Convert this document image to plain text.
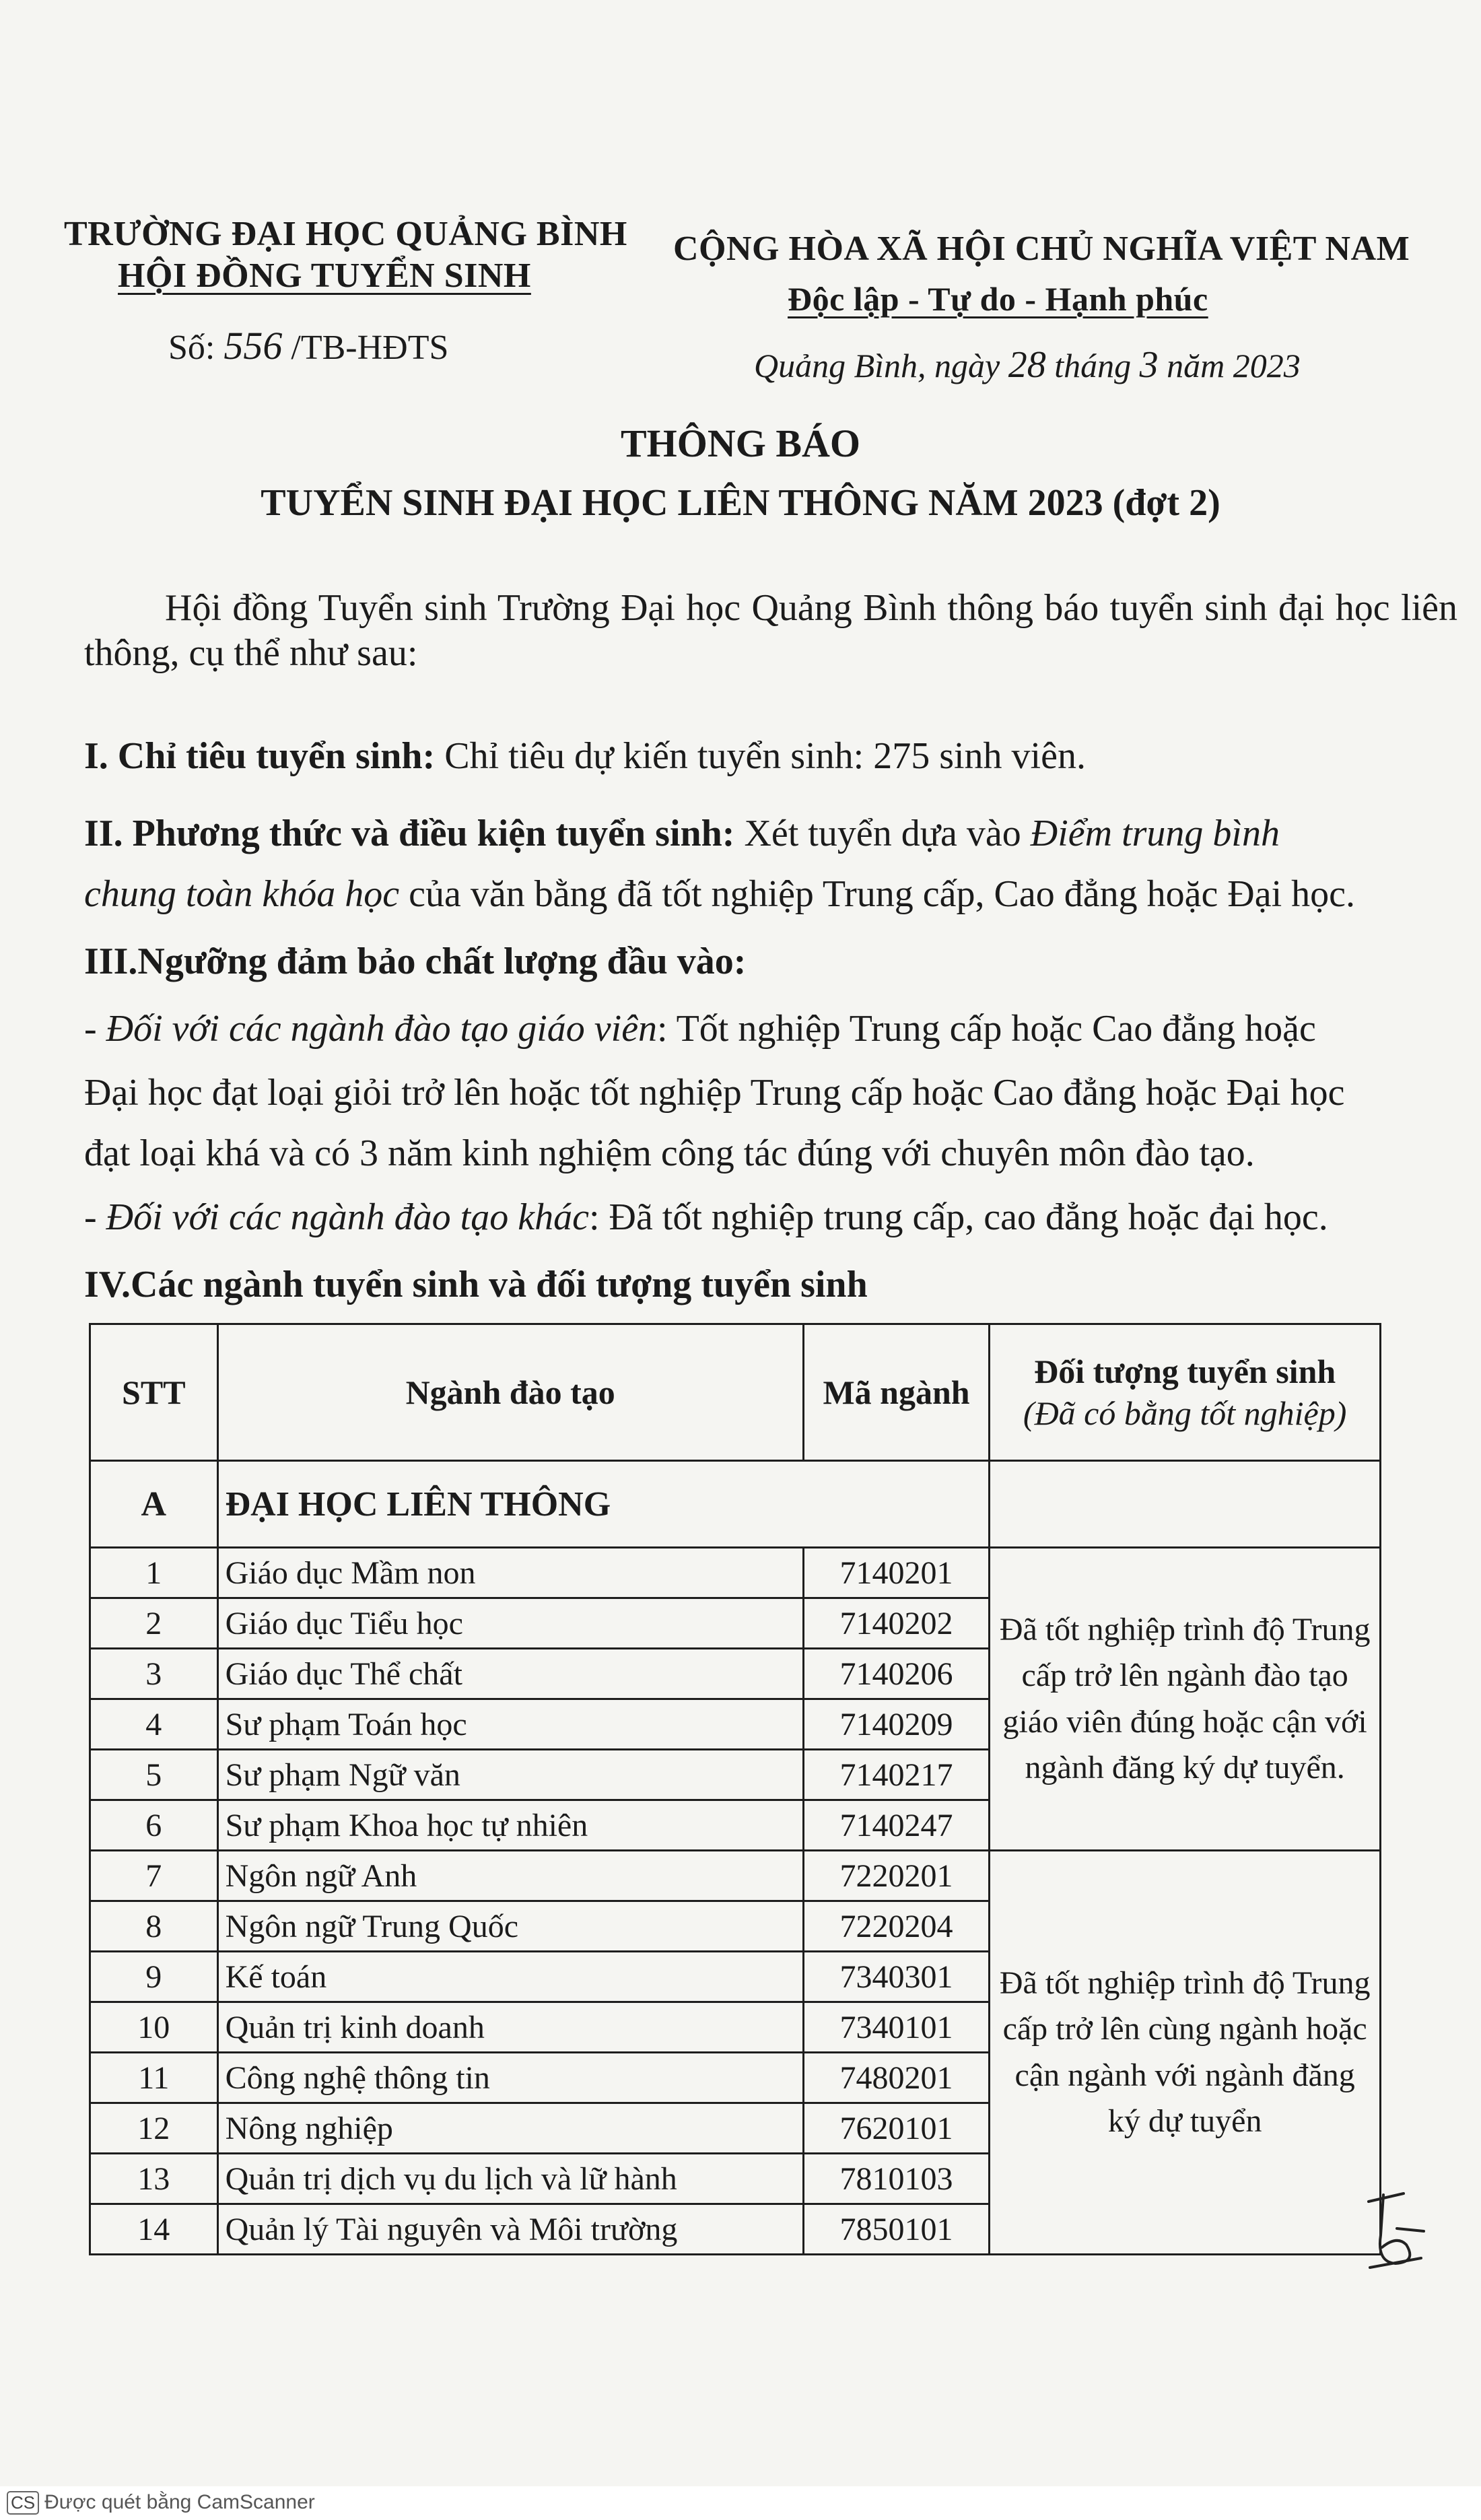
TRƯỜNG ĐẠI HỌC QUẢNG BÌNH
HỘI ĐỒNG TUYỂN SINH
Số: 556 /TB-HĐTS
CỘNG HÒA XÃ HỘI CHỦ NGHĨA VIỆT NAM
Độc lập - Tự do - Hạnh phúc
Quảng Bình, ngày 28 tháng 3 năm 2023
THÔNG BÁO
TUYỂN SINH ĐẠI HỌC LIÊN THÔNG NĂM 2023 (đợt 2)
Hội đồng Tuyển sinh Trường Đại học Quảng Bình thông báo tuyển sinh đại học liên thông, cụ thể như sau:
I. Chỉ tiêu tuyển sinh: Chỉ tiêu dự kiến tuyển sinh: 275 sinh viên.
II. Phương thức và điều kiện tuyển sinh: Xét tuyển dựa vào Điểm trung bình
chung toàn khóa học của văn bằng đã tốt nghiệp Trung cấp, Cao đẳng hoặc Đại học.
III.Ngưỡng đảm bảo chất lượng đầu vào:
- Đối với các ngành đào tạo giáo viên: Tốt nghiệp Trung cấp hoặc Cao đẳng hoặc
Đại học đạt loại giỏi trở lên hoặc tốt nghiệp Trung cấp hoặc Cao đẳng hoặc Đại học
đạt loại khá và có 3 năm kinh nghiệm công tác đúng với chuyên môn đào tạo.
- Đối với các ngành đào tạo khác: Đã tốt nghiệp trung cấp, cao đẳng hoặc đại học.
IV.Các ngành tuyển sinh và đối tượng tuyển sinh
STT	Ngành đào tạo	Mã ngành	Đối tượng tuyển sinh
(Đã có bằng tốt nghiệp)

A	ĐẠI HỌC LIÊN THÔNG		
1	Giáo dục Mầm non	7140201	Đã tốt nghiệp trình độ Trung cấp trở lên ngành đào tạo giáo viên đúng hoặc cận với ngành đăng ký dự tuyển.
2	Giáo dục Tiểu học	7140202	
3	Giáo dục Thể chất	7140206	
4	Sư phạm Toán học	7140209	
5	Sư phạm Ngữ văn	7140217	
6	Sư phạm Khoa học tự nhiên	7140247	
7	Ngôn ngữ Anh	7220201	Đã tốt nghiệp trình độ Trung cấp trở lên cùng ngành hoặc cận ngành với ngành đăng ký dự tuyển
8	Ngôn ngữ Trung Quốc	7220204	
9	Kế toán	7340301	
10	Quản trị kinh doanh	7340101	
11	Công nghệ thông tin	7480201	
12	Nông nghiệp	7620101	
13	Quản trị dịch vụ du lịch và lữ hành	7810103	
14	Quản lý Tài nguyên và Môi trường	7850101	
CS Được quét bằng CamScanner
